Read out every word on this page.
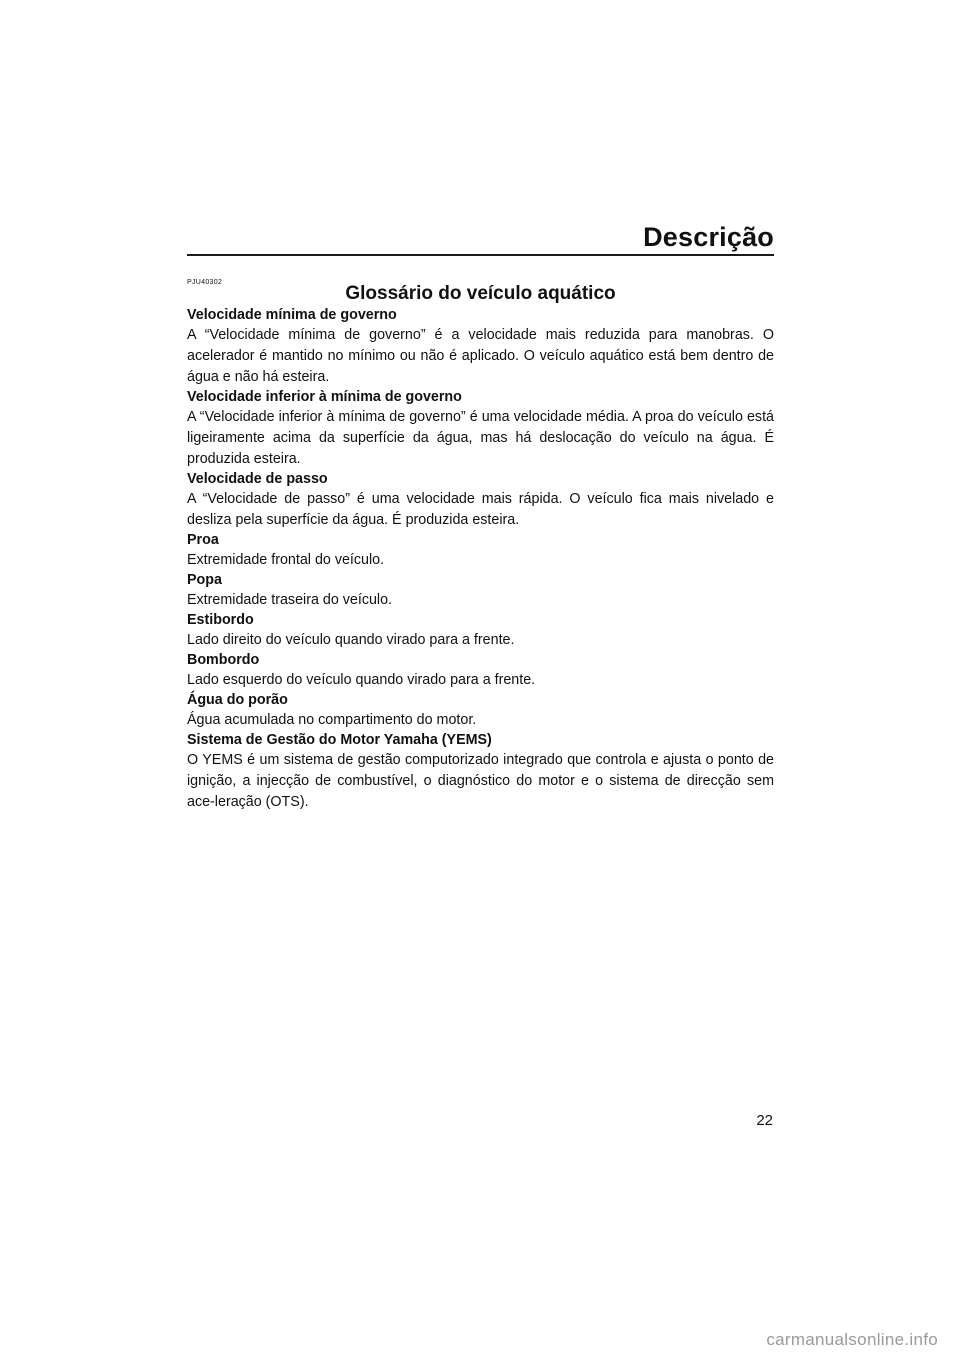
Descrição
PJU40302
Glossário do veículo aquático

Velocidade mínima de governo

A “Velocidade mínima de governo” é a velocidade mais reduzida para manobras. O acelerador é mantido no mínimo ou não é aplicado. O veículo aquático está bem dentro de água e não há esteira.

Velocidade inferior à mínima de governo

A “Velocidade inferior à mínima de governo” é uma velocidade média. A proa do veículo está ligeiramente acima da superfície da água, mas há deslocação do veículo na água. É produzida esteira.

Velocidade de passo

A “Velocidade de passo” é uma velocidade mais rápida. O veículo fica mais nivelado e desliza pela superfície da água. É produzida esteira.

Proa

Extremidade frontal do veículo.

Popa

Extremidade traseira do veículo.

Estibordo

Lado direito do veículo quando virado para a frente.

Bombordo

Lado esquerdo do veículo quando virado para a frente.

Água do porão

Água acumulada no compartimento do motor.

Sistema de Gestão do Motor Yamaha (YEMS)

O YEMS é um sistema de gestão computorizado integrado que controla e ajusta o ponto de ignição, a injecção de combustível, o diagnóstico do motor e o sistema de direcção sem ace-leração (OTS).

22
carmanualsonline.info
